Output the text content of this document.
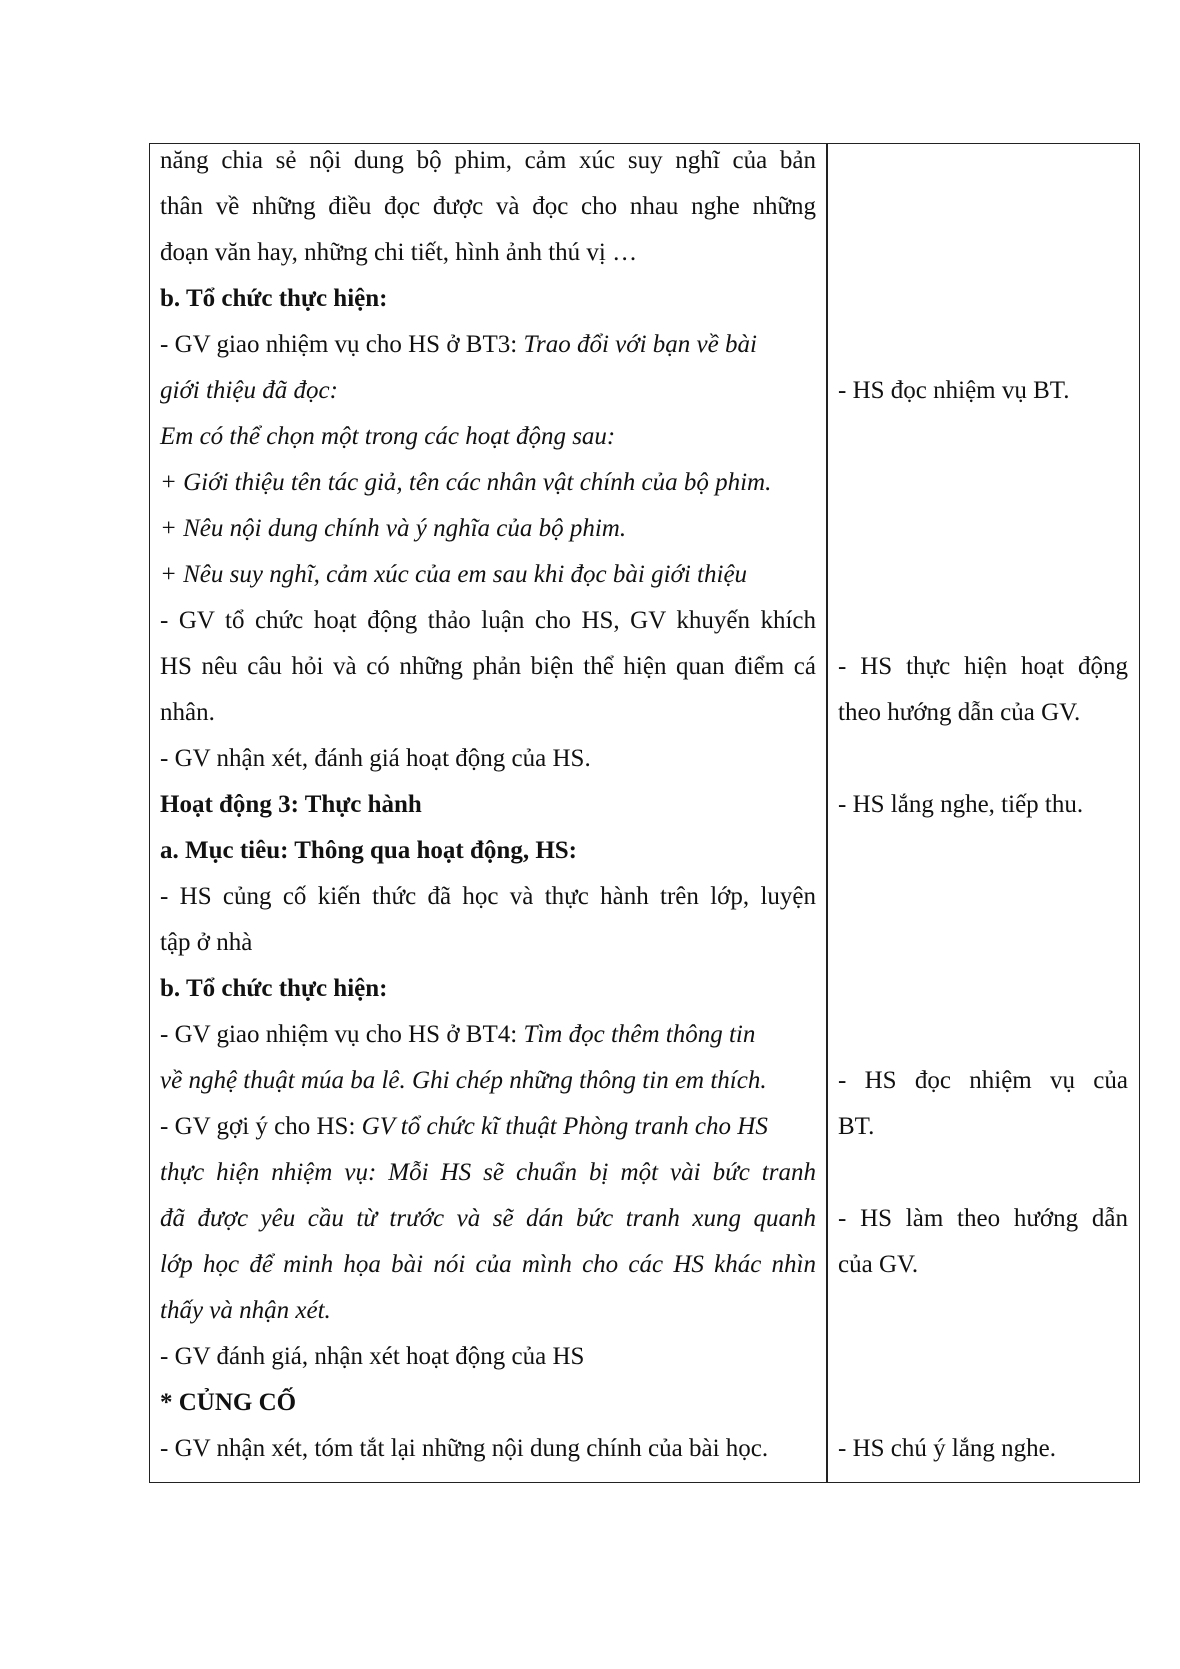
năng chia sẻ nội dung bộ phim, cảm xúc suy nghĩ của bản
thân về những điều đọc được và đọc cho nhau nghe những
đoạn văn hay, những chi tiết, hình ảnh thú vị …
b. Tổ chức thực hiện:
- GV giao nhiệm vụ cho HS ở BT3: Trao đổi với bạn về bài
giới thiệu đã đọc:
Em có thể chọn một trong các hoạt động sau:
+ Giới thiệu tên tác giả, tên các nhân vật chính của bộ phim.
+ Nêu nội dung chính và ý nghĩa của bộ phim.
+ Nêu suy nghĩ, cảm xúc của em sau khi đọc bài giới thiệu
- GV tổ chức hoạt động thảo luận cho HS, GV khuyến khích
HS nêu câu hỏi và có những phản biện thể hiện quan điểm cá
nhân.
- GV nhận xét, đánh giá hoạt động của HS.
Hoạt động 3: Thực hành
a. Mục tiêu: Thông qua hoạt động, HS:
- HS củng cố kiến thức đã học và thực hành trên lớp, luyện
tập ở nhà
b. Tổ chức thực hiện:
- GV giao nhiệm vụ cho HS ở BT4: Tìm đọc thêm thông tin
về nghệ thuật múa ba lê. Ghi chép những thông tin em thích.
- GV gợi ý cho HS: GV tổ chức kĩ thuật Phòng tranh cho HS
thực hiện nhiệm vụ: Mỗi HS sẽ chuẩn bị một vài bức tranh
đã được yêu cầu từ trước và sẽ dán bức tranh xung quanh
lớp học để minh họa bài nói của mình cho các HS khác nhìn
thấy và nhận xét.
- GV đánh giá, nhận xét hoạt động của HS
* CỦNG CỐ
- GV nhận xét, tóm tắt lại những nội dung chính của bài học.
- HS đọc nhiệm vụ BT.
- HS thực hiện hoạt động
theo hướng dẫn của GV.
- HS lắng nghe, tiếp thu.
- HS đọc nhiệm vụ của
BT.
- HS làm theo hướng dẫn
của GV.
- HS chú ý lắng nghe.
